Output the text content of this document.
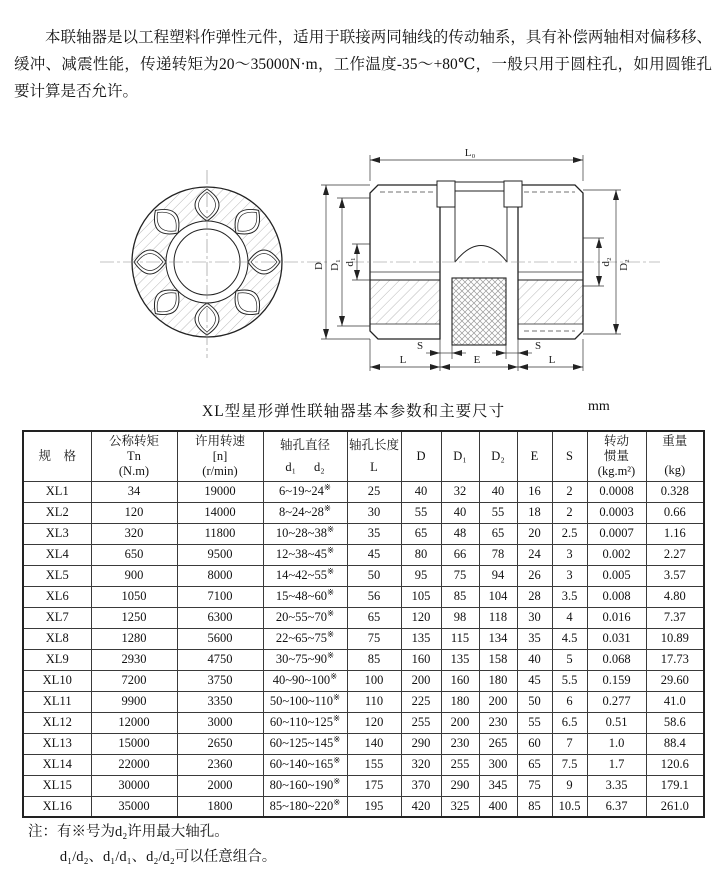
本联轴器是以工程塑料作弹性元件，适用于联接两同轴线的传动轴系，具有补偿两轴相对偏移移、缓冲、减震性能，传递转矩为20～35000N·m，工作温度-35～+80℃，一般只用于圆柱孔，如用圆锥孔要计算是否允许。

L₀
D D₁ d₁	d₂ D₂
S	S
L	E	L
XL型星形弹性联轴器基本参数和主要尺寸	mm
规　格

公称转矩
Tn
(N.m)

许用转速
[n]
(r/min)

轴孔直径
d₁ d₂

轴孔长度
L

D	D₁	D₂	E	S

转动
惯量
(kg.m²)

重量
(kg)

XL1	34	19000	6~19~24※	25	40	32	40	16	2	0.0008	0.328
XL2	120	14000	8~24~28※	30	55	40	55	18	2	0.0003	0.66
XL3	320	11800	10~28~38※	35	65	48	65	20	2.5	0.0007	1.16
XL4	650	9500	12~38~45※	45	80	66	78	24	3	0.002	2.27
XL5	900	8000	14~42~55※	50	95	75	94	26	3	0.005	3.57
XL6	1050	7100	15~48~60※	56	105	85	104	28	3.5	0.008	4.80
XL7	1250	6300	20~55~70※	65	120	98	118	30	4	0.016	7.37
XL8	1280	5600	22~65~75※	75	135	115	134	35	4.5	0.031	10.89
XL9	2930	4750	30~75~90※	85	160	135	158	40	5	0.068	17.73
XL10	7200	3750	40~90~100※	100	200	160	180	45	5.5	0.159	29.60
XL11	9900	3350	50~100~110※	110	225	180	200	50	6	0.277	41.0
XL12	12000	3000	60~110~125※	120	255	200	230	55	6.5	0.51	58.6
XL13	15000	2650	60~125~145※	140	290	230	265	60	7	1.0	88.4
XL14	22000	2360	60~140~165※	155	320	255	300	65	7.5	1.7	120.6
XL15	30000	2000	80~160~190※	175	370	290	345	75	9	3.35	179.1
XL16	35000	1800	85~180~220※	195	420	325	400	85	10.5	6.37	261.0
注：有※号为d₂许用最大轴孔。
d₁/d₂、d₁/d₁、d₂/d₂可以任意组合。
